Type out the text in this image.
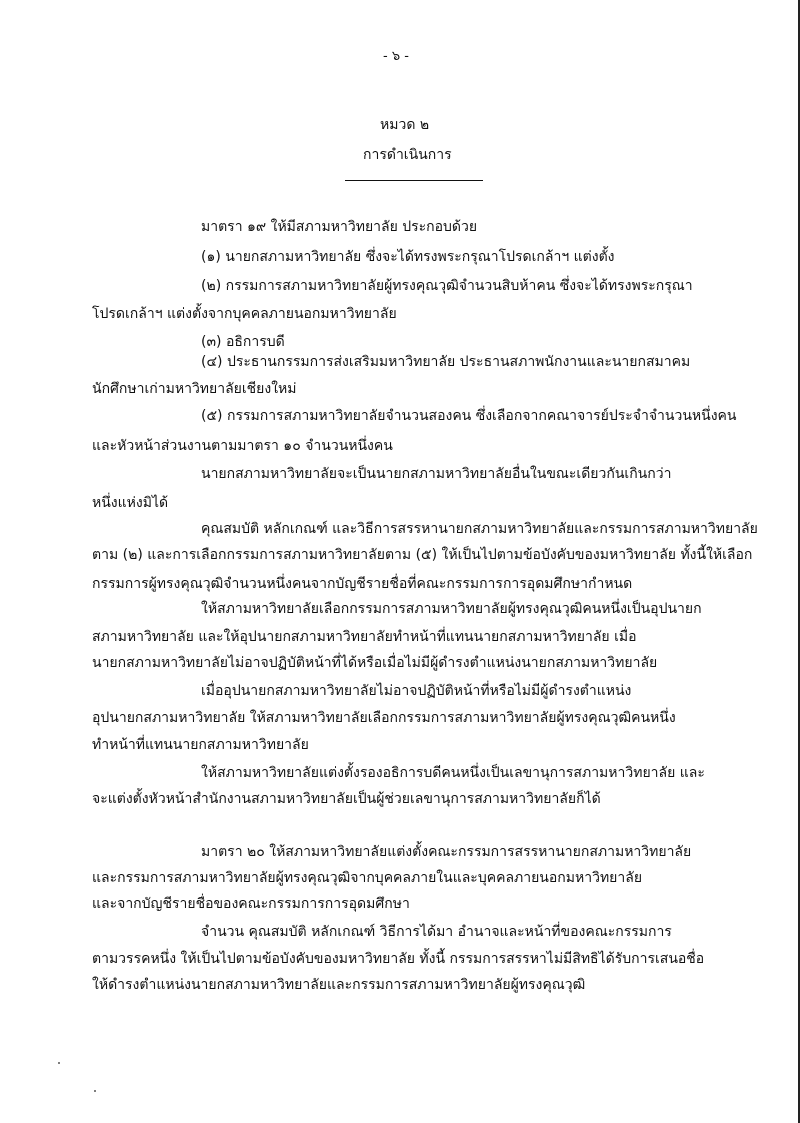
- ๖ -
หมวด ๒
การดำเนินการ
มาตรา ๑๙ ให้มีสภามหาวิทยาลัย ประกอบด้วย
(๑) นายกสภามหาวิทยาลัย ซึ่งจะได้ทรงพระกรุณาโปรดเกล้าฯ แต่งตั้ง
(๒) กรรมการสภามหาวิทยาลัยผู้ทรงคุณวุฒิจำนวนสิบห้าคน ซึ่งจะได้ทรงพระกรุณา
โปรดเกล้าฯ แต่งตั้งจากบุคคลภายนอกมหาวิทยาลัย
(๓) อธิการบดี
(๔) ประธานกรรมการส่งเสริมมหาวิทยาลัย ประธานสภาพนักงานและนายกสมาคม
นักศึกษาเก่ามหาวิทยาลัยเชียงใหม่
(๕) กรรมการสภามหาวิทยาลัยจำนวนสองคน ซึ่งเลือกจากคณาจารย์ประจำจำนวนหนึ่งคน
และหัวหน้าส่วนงานตามมาตรา ๑๐ จำนวนหนึ่งคน
นายกสภามหาวิทยาลัยจะเป็นนายกสภามหาวิทยาลัยอื่นในขณะเดียวกันเกินกว่า
หนึ่งแห่งมิได้
คุณสมบัติ หลักเกณฑ์ และวิธีการสรรหานายกสภามหาวิทยาลัยและกรรมการสภามหาวิทยาลัย
ตาม (๒) และการเลือกกรรมการสภามหาวิทยาลัยตาม (๕) ให้เป็นไปตามข้อบังคับของมหาวิทยาลัย ทั้งนี้ให้เลือก
กรรมการผู้ทรงคุณวุฒิจำนวนหนึ่งคนจากบัญชีรายชื่อที่คณะกรรมการการอุดมศึกษากำหนด
ให้สภามหาวิทยาลัยเลือกกรรมการสภามหาวิทยาลัยผู้ทรงคุณวุฒิคนหนึ่งเป็นอุปนายก
สภามหาวิทยาลัย และให้อุปนายกสภามหาวิทยาลัยทำหน้าที่แทนนายกสภามหาวิทยาลัย เมื่อ
นายกสภามหาวิทยาลัยไม่อาจปฏิบัติหน้าที่ได้หรือเมื่อไม่มีผู้ดำรงตำแหน่งนายกสภามหาวิทยาลัย
เมื่ออุปนายกสภามหาวิทยาลัยไม่อาจปฏิบัติหน้าที่หรือไม่มีผู้ดำรงตำแหน่ง
อุปนายกสภามหาวิทยาลัย ให้สภามหาวิทยาลัยเลือกกรรมการสภามหาวิทยาลัยผู้ทรงคุณวุฒิคนหนึ่ง
ทำหน้าที่แทนนายกสภามหาวิทยาลัย
ให้สภามหาวิทยาลัยแต่งตั้งรองอธิการบดีคนหนึ่งเป็นเลขานุการสภามหาวิทยาลัย และ
จะแต่งตั้งหัวหน้าสำนักงานสภามหาวิทยาลัยเป็นผู้ช่วยเลขานุการสภามหาวิทยาลัยก็ได้
มาตรา ๒๐ ให้สภามหาวิทยาลัยแต่งตั้งคณะกรรมการสรรหานายกสภามหาวิทยาลัย
และกรรมการสภามหาวิทยาลัยผู้ทรงคุณวุฒิจากบุคคลภายในและบุคคลภายนอกมหาวิทยาลัย
และจากบัญชีรายชื่อของคณะกรรมการการอุดมศึกษา
จำนวน คุณสมบัติ หลักเกณฑ์ วิธีการได้มา อำนาจและหน้าที่ของคณะกรรมการ
ตามวรรคหนึ่ง ให้เป็นไปตามข้อบังคับของมหาวิทยาลัย ทั้งนี้ กรรมการสรรหาไม่มีสิทธิได้รับการเสนอชื่อ
ให้ดำรงตำแหน่งนายกสภามหาวิทยาลัยและกรรมการสภามหาวิทยาลัยผู้ทรงคุณวุฒิ
